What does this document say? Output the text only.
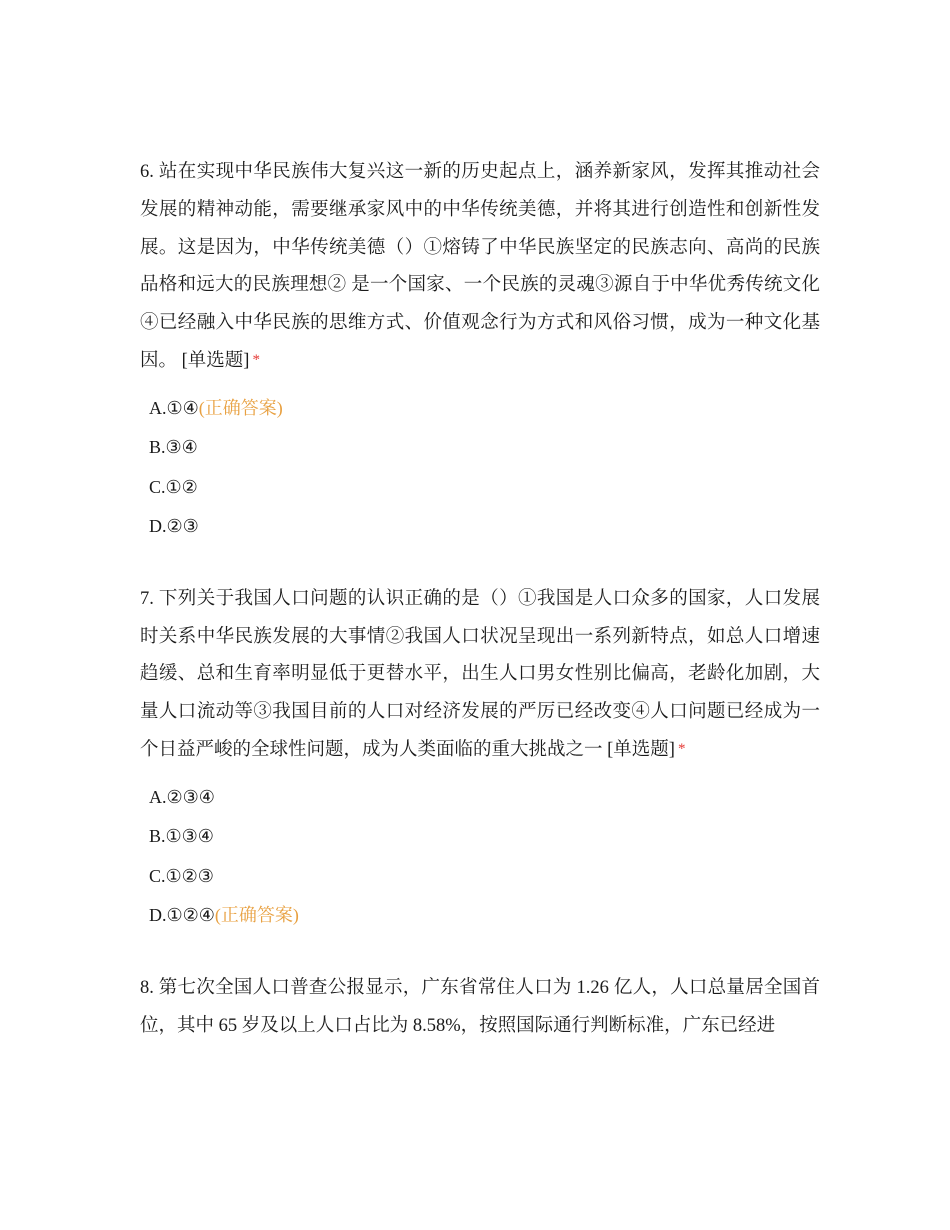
6. 站在实现中华民族伟大复兴这一新的历史起点上，涵养新家风，发挥其推动社会发展的精神动能，需要继承家风中的中华传统美德，并将其进行创造性和创新性发展。这是因为，中华传统美德（）①熔铸了中华民族坚定的民族志向、高尚的民族品格和远大的民族理想② 是一个国家、一个民族的灵魂③源自于中华优秀传统文化④已经融入中华民族的思维方式、价值观念行为方式和风俗习惯，成为一种文化基因。 [单选题] *

A.①④(正确答案)
B.③④
C.①②
D.②③

7. 下列关于我国人口问题的认识正确的是（）①我国是人口众多的国家，人口发展时关系中华民族发展的大事情②我国人口状况呈现出一系列新特点，如总人口增速趋缓、总和生育率明显低于更替水平，出生人口男女性别比偏高，老龄化加剧，大量人口流动等③我国目前的人口对经济发展的严厉已经改变④人口问题已经成为一个日益严峻的全球性问题，成为人类面临的重大挑战之一 [单选题] *

A.②③④
B.①③④
C.①②③
D.①②④(正确答案)

8. 第七次全国人口普查公报显示，广东省常住人口为 1.26 亿人，人口总量居全国首位，其中 65 岁及以上人口占比为 8.58%，按照国际通行判断标准，广东已经进
